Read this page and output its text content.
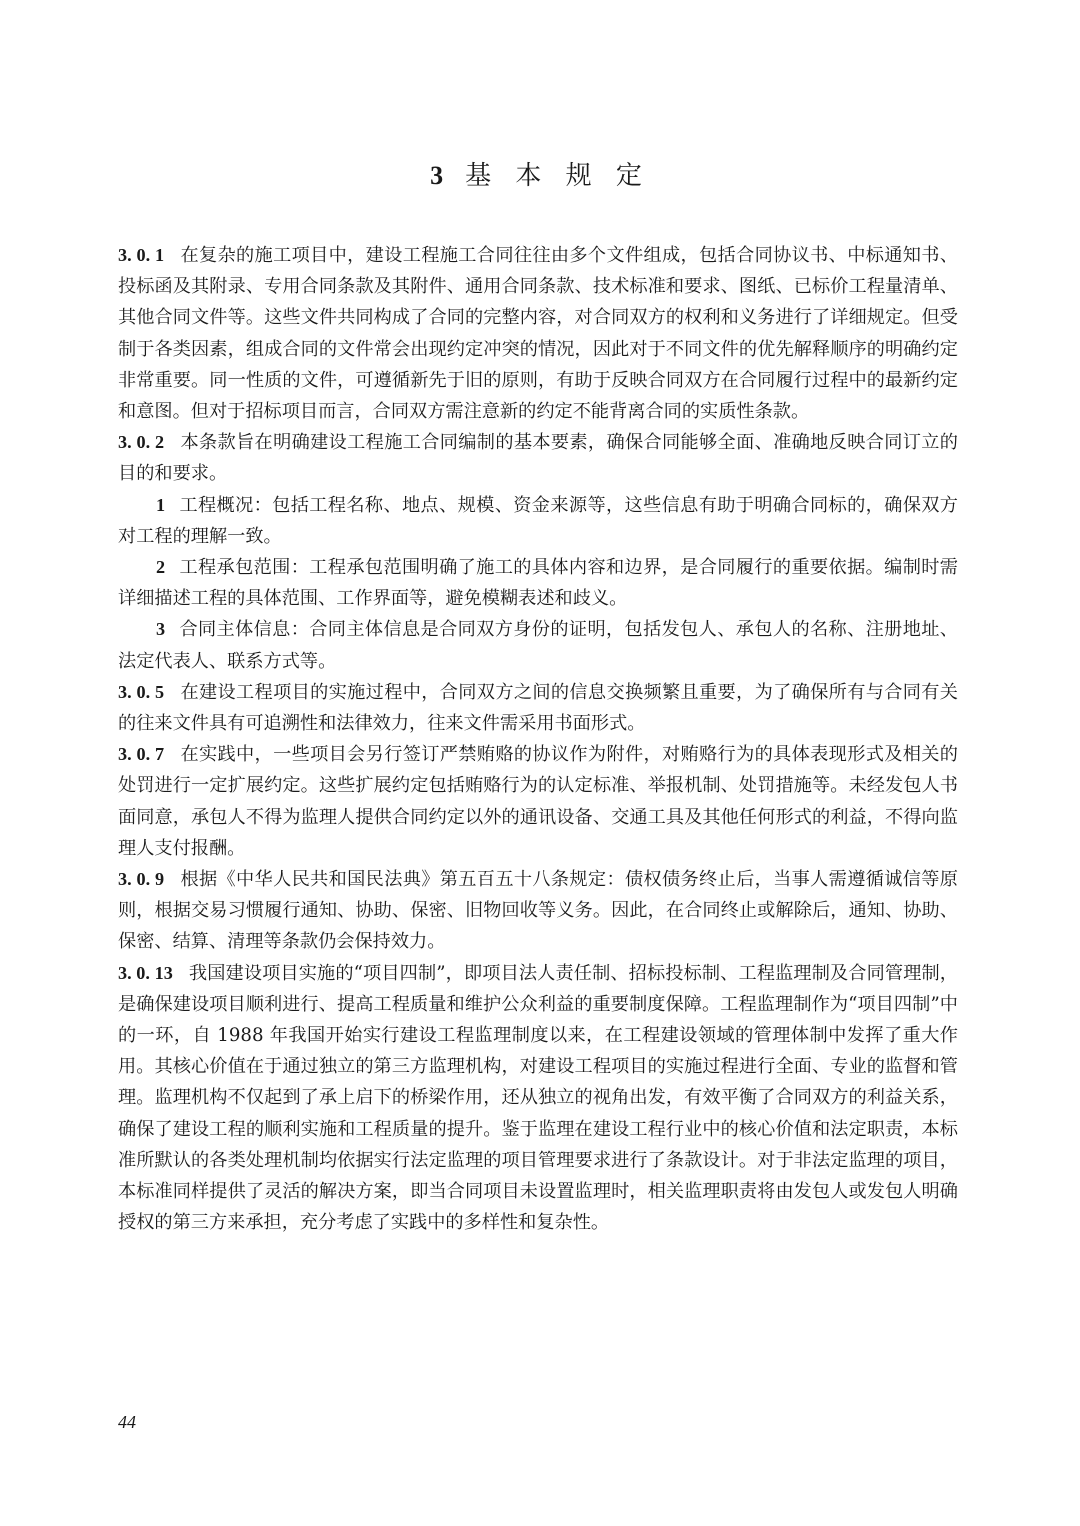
3 基 本 规 定

3. 0. 1 在复杂的施工项目中，建设工程施工合同往往由多个文件组成，包括合同协议书、中标通知书、投标函及其附录、专用合同条款及其附件、通用合同条款、技术标准和要求、图纸、已标价工程量清单、其他合同文件等。这些文件共同构成了合同的完整内容，对合同双方的权利和义务进行了详细规定。但受制于各类因素，组成合同的文件常会出现约定冲突的情况，因此对于不同文件的优先解释顺序的明确约定非常重要。同一性质的文件，可遵循新先于旧的原则，有助于反映合同双方在合同履行过程中的最新约定和意图。但对于招标项目而言，合同双方需注意新的约定不能背离合同的实质性条款。

3. 0. 2 本条款旨在明确建设工程施工合同编制的基本要素，确保合同能够全面、准确地反映合同订立的目的和要求。

1 工程概况：包括工程名称、地点、规模、资金来源等，这些信息有助于明确合同标的，确保双方对工程的理解一致。

2 工程承包范围：工程承包范围明确了施工的具体内容和边界，是合同履行的重要依据。编制时需详细描述工程的具体范围、工作界面等，避免模糊表述和歧义。

3 合同主体信息：合同主体信息是合同双方身份的证明，包括发包人、承包人的名称、注册地址、法定代表人、联系方式等。

3. 0. 5 在建设工程项目的实施过程中，合同双方之间的信息交换频繁且重要，为了确保所有与合同有关的往来文件具有可追溯性和法律效力，往来文件需采用书面形式。

3. 0. 7 在实践中，一些项目会另行签订严禁贿赂的协议作为附件，对贿赂行为的具体表现形式及相关的处罚进行一定扩展约定。这些扩展约定包括贿赂行为的认定标准、举报机制、处罚措施等。未经发包人书面同意，承包人不得为监理人提供合同约定以外的通讯设备、交通工具及其他任何形式的利益，不得向监理人支付报酬。

3. 0. 9 根据《中华人民共和国民法典》第五百五十八条规定：债权债务终止后，当事人需遵循诚信等原则，根据交易习惯履行通知、协助、保密、旧物回收等义务。因此，在合同终止或解除后，通知、协助、保密、结算、清理等条款仍会保持效力。

3. 0. 13 我国建设项目实施的“项目四制”，即项目法人责任制、招标投标制、工程监理制及合同管理制，是确保建设项目顺利进行、提高工程质量和维护公众利益的重要制度保障。工程监理制作为“项目四制”中的一环，自 1988 年我国开始实行建设工程监理制度以来，在工程建设领域的管理体制中发挥了重大作用。其核心价值在于通过独立的第三方监理机构，对建设工程项目的实施过程进行全面、专业的监督和管理。监理机构不仅起到了承上启下的桥梁作用，还从独立的视角出发，有效平衡了合同双方的利益关系，确保了建设工程的顺利实施和工程质量的提升。鉴于监理在建设工程行业中的核心价值和法定职责，本标准所默认的各类处理机制均依据实行法定监理的项目管理要求进行了条款设计。对于非法定监理的项目，本标准同样提供了灵活的解决方案，即当合同项目未设置监理时，相关监理职责将由发包人或发包人明确授权的第三方来承担，充分考虑了实践中的多样性和复杂性。

44
